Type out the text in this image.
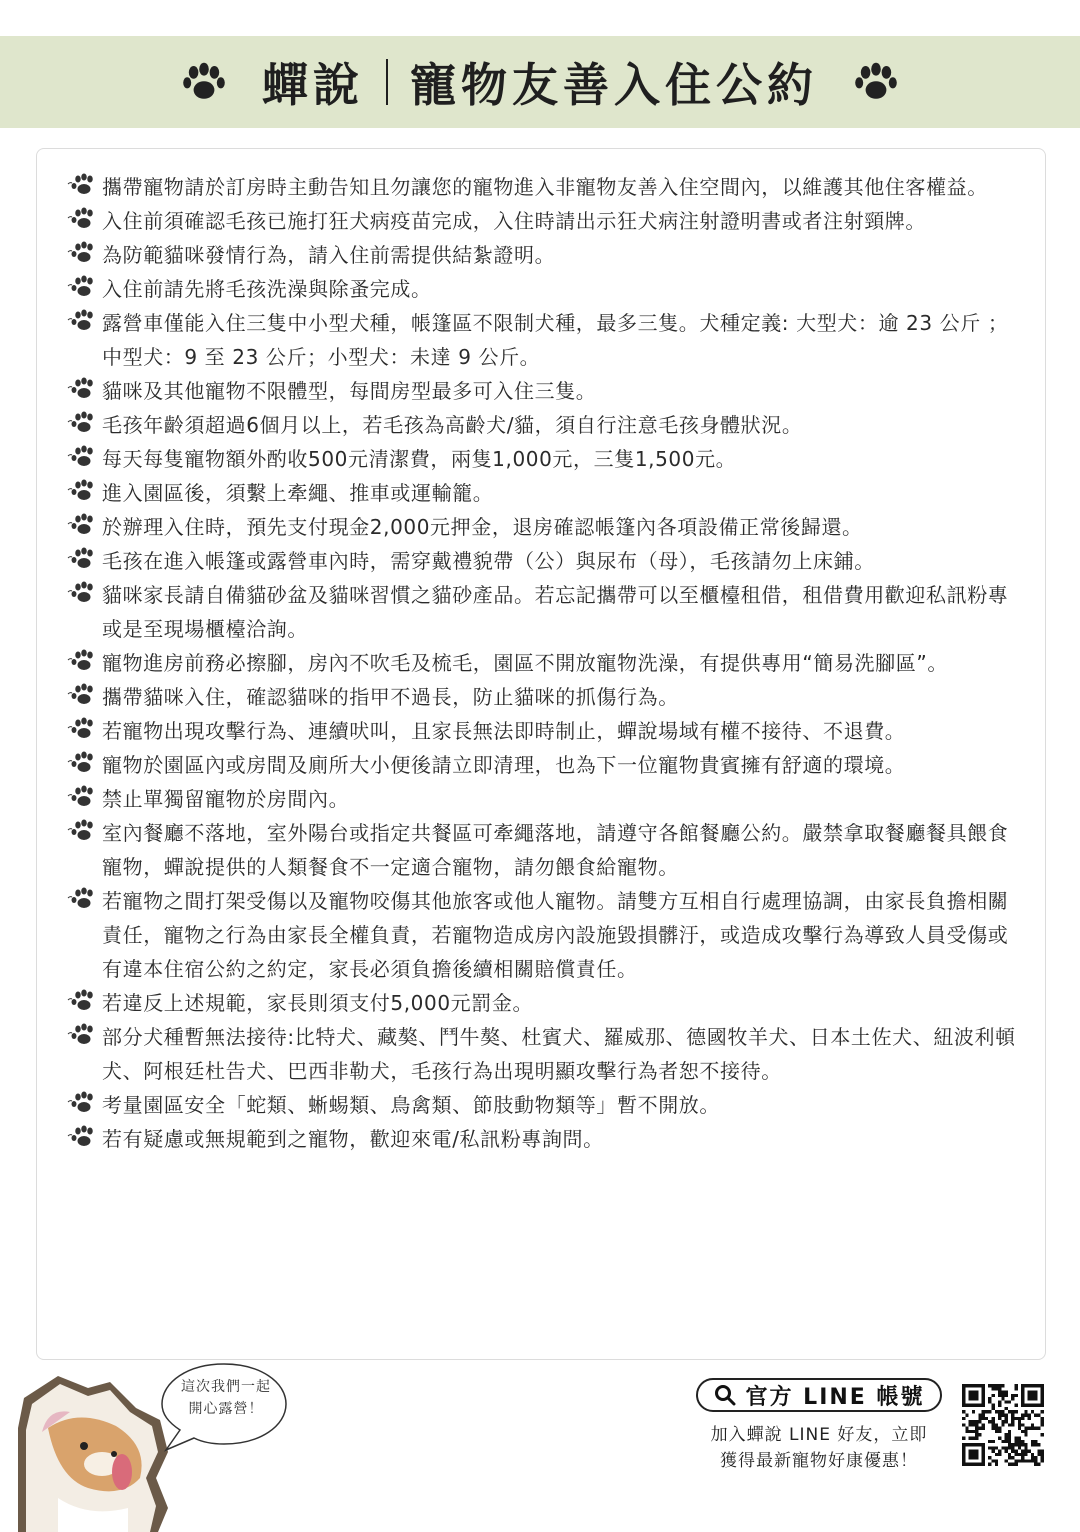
蟬說 寵物友善入住公約
攜帶寵物請於訂房時主動告知且勿讓您的寵物進入非寵物友善入住空間內，以維護其他住客權益。
入住前須確認毛孩已施打狂犬病疫苗完成，入住時請出示狂犬病注射證明書或者注射頸牌。
為防範貓咪發情行為，請入住前需提供結紮證明。
入住前請先將毛孩洗澡與除蚤完成。
露營車僅能入住三隻中小型犬種，帳篷區不限制犬種，最多三隻。犬種定義: 大型犬：逾 23 公斤 ；中型犬：9 至 23 公斤；小型犬：未達 9 公斤。
貓咪及其他寵物不限體型，每間房型最多可入住三隻。
毛孩年齡須超過6個月以上，若毛孩為高齡犬/貓，須自行注意毛孩身體狀況。
每天每隻寵物額外酌收500元清潔費，兩隻1,000元，三隻1,500元。
進入園區後，須繫上牽繩、推車或運輸籠。
於辦理入住時，預先支付現金2,000元押金，退房確認帳篷內各項設備正常後歸還。
毛孩在進入帳篷或露營車內時，需穿戴禮貌帶（公）與尿布（母），毛孩請勿上床鋪。
貓咪家長請自備貓砂盆及貓咪習慣之貓砂產品。若忘記攜帶可以至櫃檯租借，租借費用歡迎私訊粉專或是至現場櫃檯洽詢。
寵物進房前務必擦腳，房內不吹毛及梳毛，園區不開放寵物洗澡，有提供專用“簡易洗腳區”。
攜帶貓咪入住，確認貓咪的指甲不過長，防止貓咪的抓傷行為。
若寵物出現攻擊行為、連續吠叫，且家長無法即時制止，蟬說場域有權不接待、不退費。
寵物於園區內或房間及廁所大小便後請立即清理，也為下一位寵物貴賓擁有舒適的環境。
禁止單獨留寵物於房間內。
室內餐廳不落地，室外陽台或指定共餐區可牽繩落地，請遵守各館餐廳公約。嚴禁拿取餐廳餐具餵食寵物，蟬說提供的人類餐食不一定適合寵物，請勿餵食給寵物。
若寵物之間打架受傷以及寵物咬傷其他旅客或他人寵物。請雙方互相自行處理協調，由家長負擔相關責任，寵物之行為由家長全權負責，若寵物造成房內設施毀損髒汙，或造成攻擊行為導致人員受傷或有違本住宿公約之約定，家長必須負擔後續相關賠償責任。
若違反上述規範，家長則須支付5,000元罰金。
部分犬種暫無法接待:比特犬、藏獒、鬥牛獒、杜賓犬、羅威那、德國牧羊犬、日本土佐犬、紐波利頓犬、阿根廷杜告犬、巴西非勒犬，毛孩行為出現明顯攻擊行為者恕不接待。
考量園區安全「蛇類、蜥蜴類、鳥禽類、節肢動物類等」暫不開放。
若有疑慮或無規範到之寵物，歡迎來電/私訊粉專詢問。
這次我們一起
開心露營！	官方 LINE 帳號
加入蟬說 LINE 好友，立即
獲得最新寵物好康優惠！
